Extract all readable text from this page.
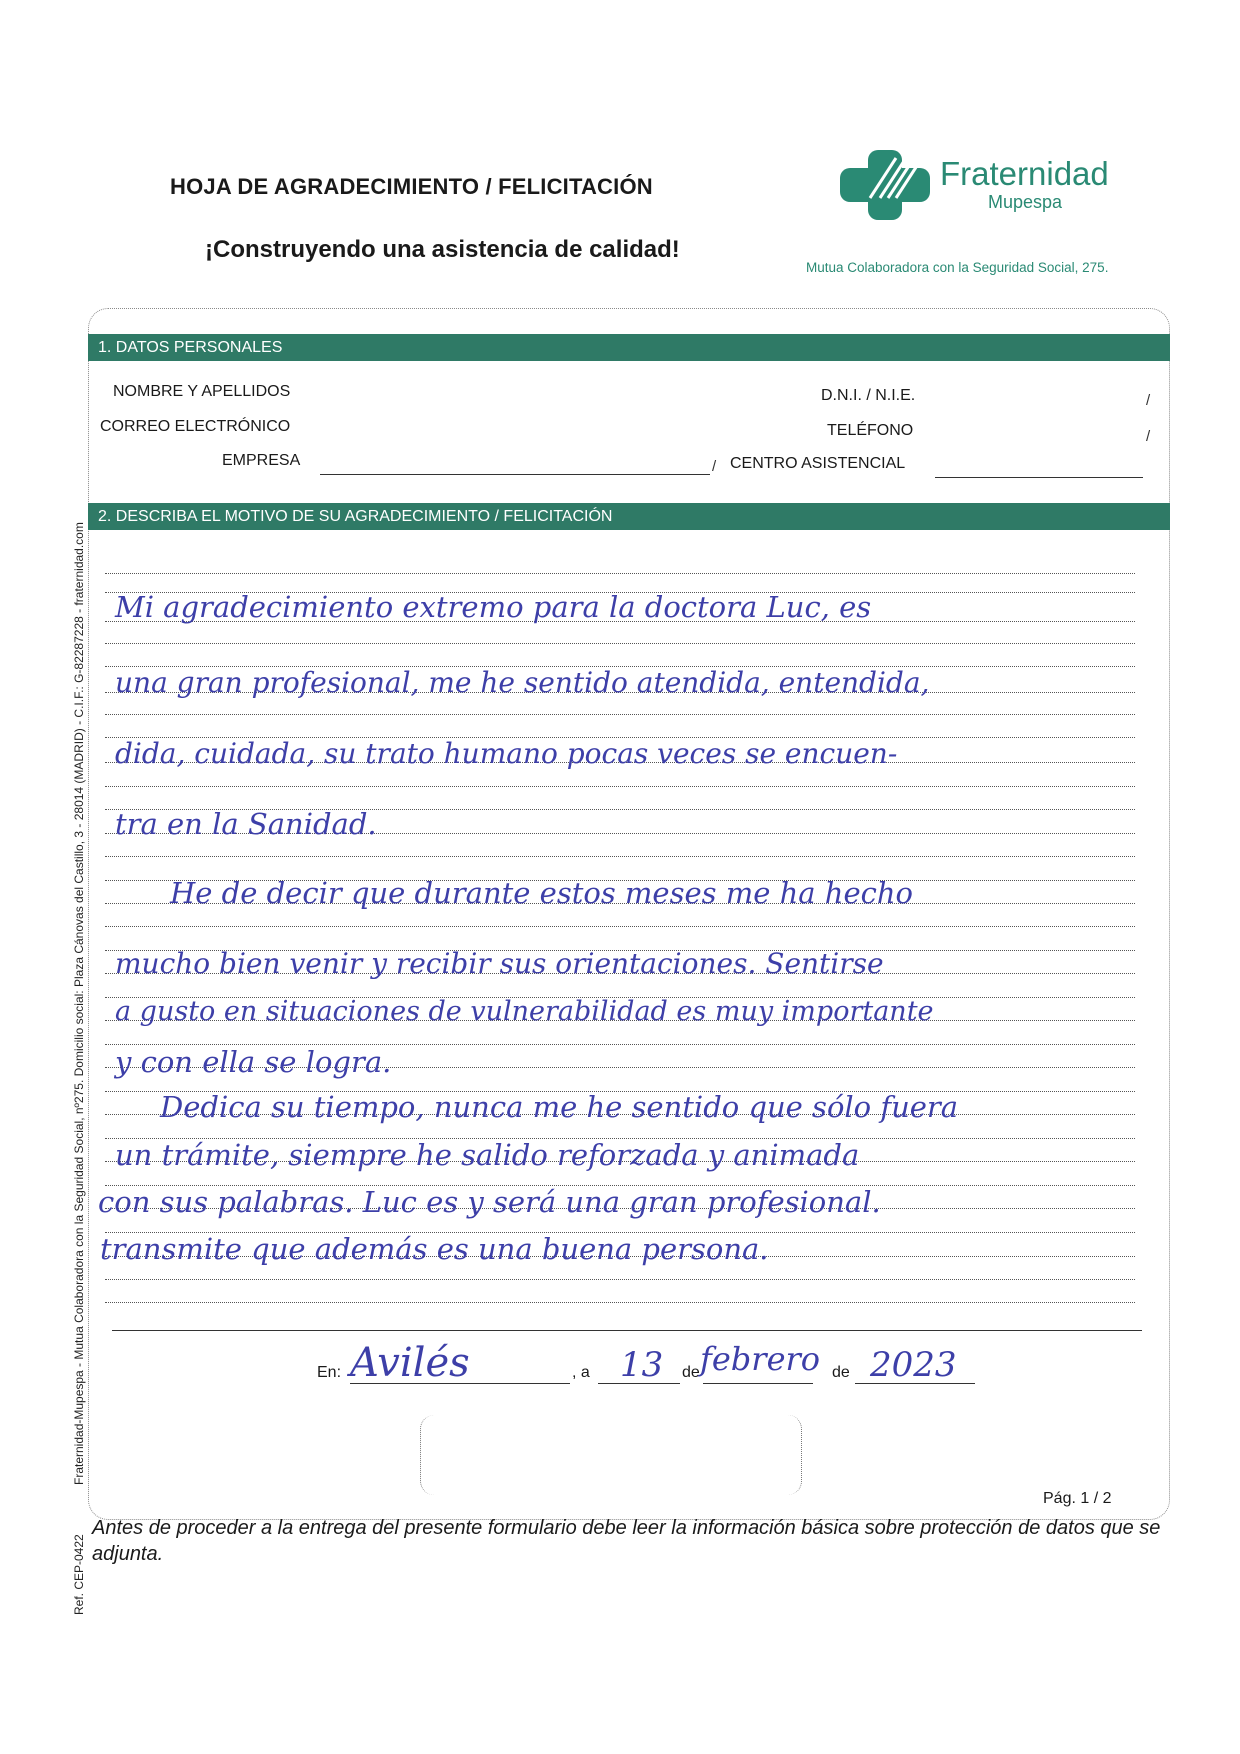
Fraternidad-Mupespa - Mutua Colaboradora con la Seguridad Social, nº275. Domicilio social: Plaza Cánovas del Castillo, 3 - 28014 (MADRID) - C.I.F.: G-82287228 - fraternidad.com
Ref. CEP-0422
HOJA DE AGRADECIMIENTO / FELICITACIÓN
¡Construyendo una asistencia de calidad!
Fraternidad
Mupespa
Mutua Colaboradora con la Seguridad Social, 275.
1. DATOS PERSONALES
NOMBRE Y APELLIDOS
CORREO ELECTRÓNICO
EMPRESA	/
D.N.I. / N.I.E.	/
TELÉFONO	/
CENTRO ASISTENCIAL
2. DESCRIBA EL MOTIVO DE SU AGRADECIMIENTO / FELICITACIÓN
Mi agradecimiento extremo para la doctora Luc, es
una gran profesional, me he sentido atendida, entendida,
dida, cuidada, su trato humano pocas veces se encuen-
tra en la Sanidad.
He de decir que durante estos meses me ha hecho
mucho bien venir y recibir sus orientaciones. Sentirse
a gusto en situaciones de vulnerabilidad es muy importante
y con ella se logra.
Dedica su tiempo, nunca me he sentido que sólo fuera
un trámite, siempre he salido reforzada y animada
con sus palabras. Luc es y será una gran profesional.
transmite que además es una buena persona.
En: Avilés	, a 13 de febrero de 2023
Pág. 1 / 2
Antes de proceder a la entrega del presente formulario debe leer la información básica sobre protección de datos que se adjunta.
